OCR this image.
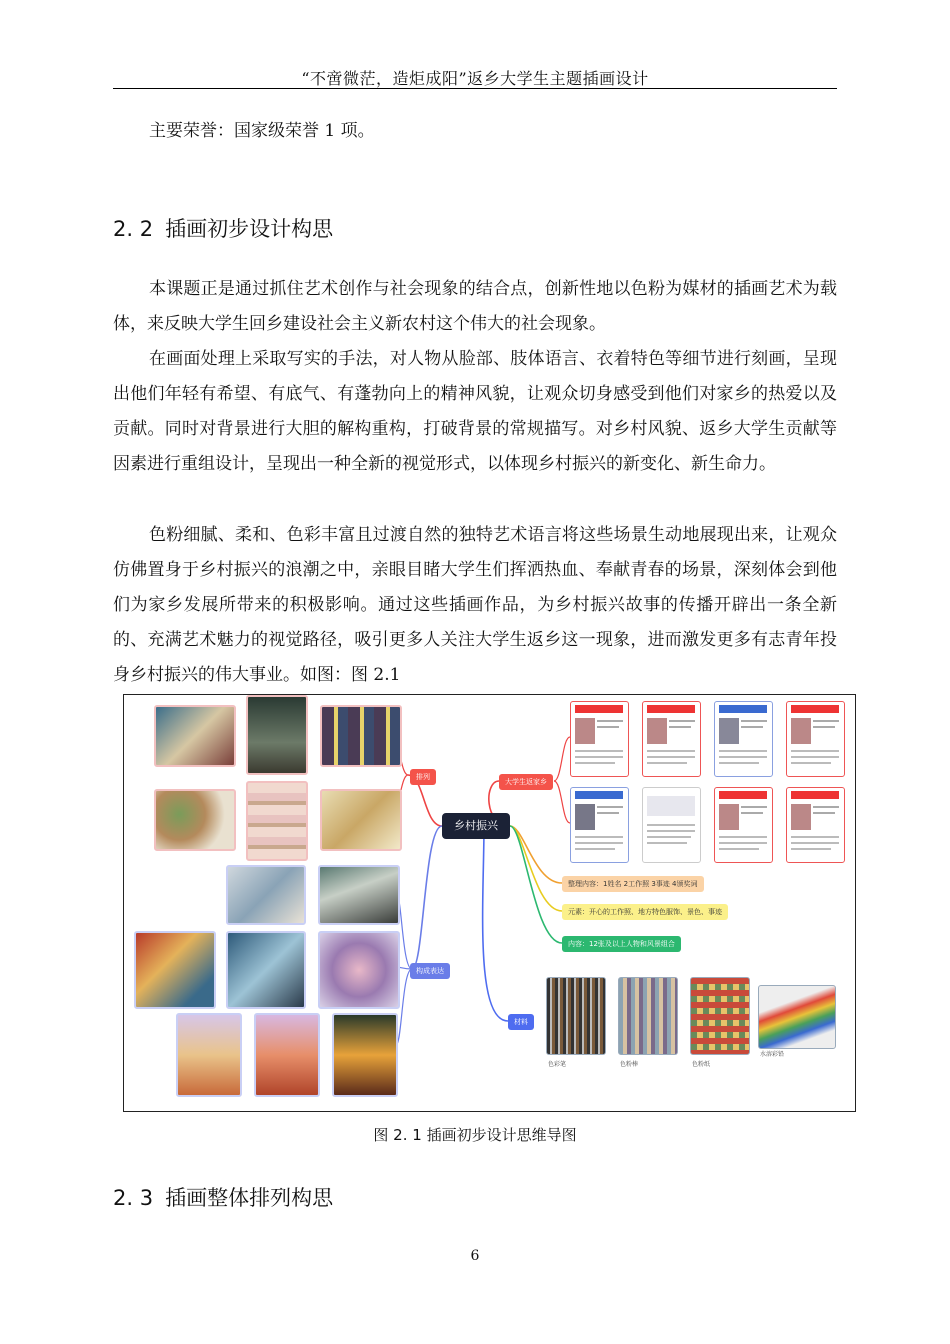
“不啻微茫，造炬成阳”返乡大学生主题插画设计
主要荣誉：国家级荣誉 1 项。
2. 2 插画初步设计构思
本课题正是通过抓住艺术创作与社会现象的结合点，创新性地以色粉为媒材的插画艺术为载体，来反映大学生回乡建设社会主义新农村这个伟大的社会现象。
在画面处理上采取写实的手法，对人物从脸部、肢体语言、衣着特色等细节进行刻画，呈现出他们年轻有希望、有底气、有蓬勃向上的精神风貌，让观众切身感受到他们对家乡的热爱以及贡献。同时对背景进行大胆的解构重构，打破背景的常规描写。对乡村风貌、返乡大学生贡献等因素进行重组设计，呈现出一种全新的视觉形式，以体现乡村振兴的新变化、新生命力。
色粉细腻、柔和、色彩丰富且过渡自然的独特艺术语言将这些场景生动地展现出来，让观众仿佛置身于乡村振兴的浪潮之中，亲眼目睹大学生们挥洒热血、奉献青春的场景，深刻体会到他们为家乡发展所带来的积极影响。通过这些插画作品，为乡村振兴故事的传播开辟出一条全新的、充满艺术魅力的视觉路径，吸引更多人关注大学生返乡这一现象，进而激发更多有志青年投身乡村振兴的伟大事业。如图：图 2.1
排列
构成表达
乡村振兴
大学生返家乡
整理内容：1姓名 2工作照 3事迹 4颁奖词
元素：开心的工作照、地方特色服饰、景色、事迹
内容：12张及以上人物和风景组合
材料
色彩笔	色粉棒	色粉纸
水溶彩铅
图 2. 1 插画初步设计思维导图
2. 3 插画整体排列构思
6
